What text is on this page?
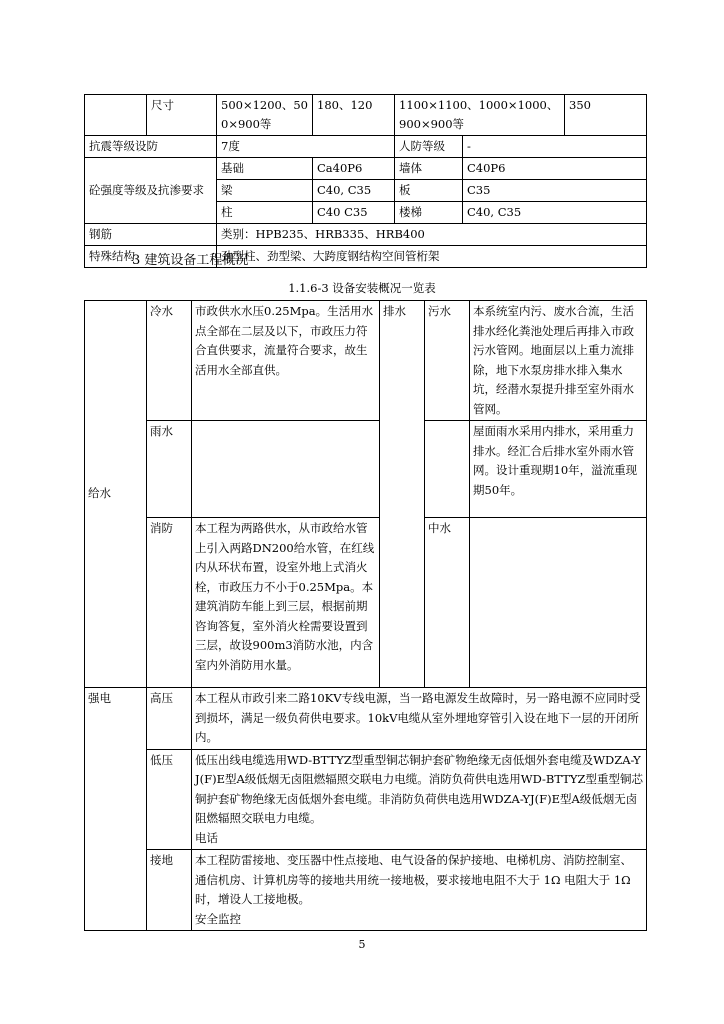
	尺寸	500×1200、500×900等	180、120	1100×1100、1000×1000、900×900等		350
抗震等级设防		7度		人防等级	-	
砼强度等级及抗渗要求		基础	Ca40P6	墙体	C40P6	
		梁	C40, C35	板	C35	
		柱	C40 C35	楼梯	C40, C35	
钢筋		类别：HPB235、HRB335、HRB400				
特殊结构		劲型柱、劲型梁、大跨度钢结构空间管桁架				
3 建筑设备工程概况
1.1.6-3 设备安装概况一览表
给水	冷水	市政供水水压0.25Mpa。生活用水点全部在二层及以下，市政压力符合直供要求，流量符合要求，故生活用水全部直供。	排水	污水	本系统室内污、废水合流，生活排水经化粪池处理后再排入市政污水管网。地面层以上重力流排除，地下水泵房排水排入集水坑，经潜水泵提升排至室外雨水管网。
	雨水				屋面雨水采用内排水，采用重力排水。经汇合后排水室外雨水管网。设计重现期10年，溢流重现期50年。
	消防	本工程为两路供水，从市政给水管上引入两路DN200给水管，在红线内从环状布置，设室外地上式消火栓，市政压力不小于0.25Mpa。本建筑消防车能上到三层，根据前期咨询答复，室外消火栓需要设置到三层，故设900m3消防水池，内含室内外消防用水量。		中水	
强电	高压	本工程从市政引来二路10KV专线电源，当一路电源发生故障时，另一路电源不应同时受到损坏，满足一级负荷供电要求。10kV电缆从室外埋地穿管引入设在地下一层的开闭所内。			
	低压	低压出线电缆选用WD-BTTYZ型重型铜芯铜护套矿物绝缘无卤低烟外套电缆及WDZA-YJ(F)E型A级低烟无卤阻燃辐照交联电力电缆。消防负荷供电选用WD-BTTYZ型重型铜芯铜护套矿物绝缘无卤低烟外套电缆。非消防负荷供电选用WDZA-YJ(F)E型A级低烟无卤阻燃辐照交联电力电缆。
电话			

	接地	本工程防雷接地、变压器中性点接地、电气设备的保护接地、电梯机房、消防控制室、通信机房、计算机房等的接地共用统一接地极，要求接地电阻不大于 1Ω 电阻大于 1Ω 时，增设人工接地极。
安全监控			
5
